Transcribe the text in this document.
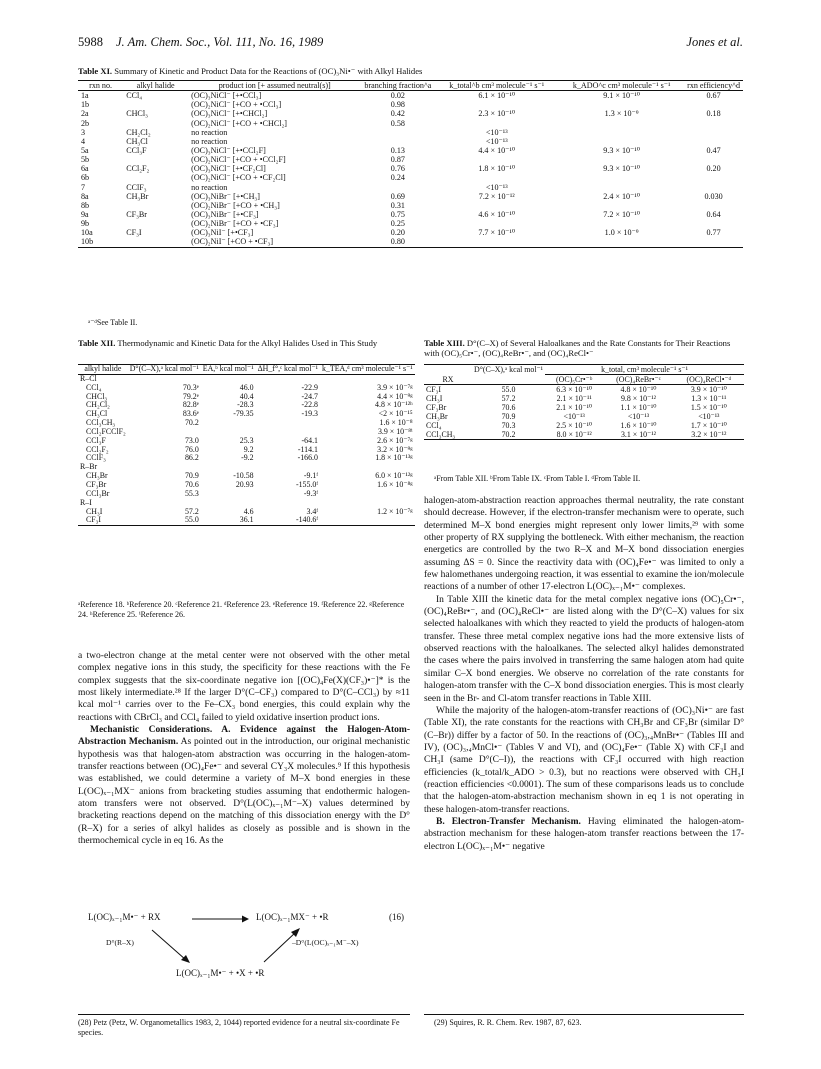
5988 J. Am. Chem. Soc., Vol. 111, No. 16, 1989	Jones et al.
Table XI. Summary of Kinetic and Product Data for the Reactions of (OC)₃Ni•⁻ with Alkyl Halides
rxn no.	alkyl halide	product ion [+ assumed neutral(s)]	branching fraction^a	k_total^b cm³ molecule⁻¹ s⁻¹	k_ADO^c cm³ molecule⁻¹ s⁻¹	rxn efficiency^d
1a	CCl₄	(OC)₃NiCl⁻ [+•CCl₃]	0.02	6.1 × 10⁻¹⁰	9.1 × 10⁻¹⁰	0.67
1b		(OC)₂NiCl⁻ [+CO + •CCl₃]	0.98			
2a	CHCl₃	(OC)₃NiCl⁻ [+•CHCl₂]	0.42	2.3 × 10⁻¹⁰	1.3 × 10⁻⁹	0.18
2b		(OC)₂NiCl⁻ [+CO + •CHCl₂]	0.58			
3	CH₂Cl₂	no reaction		<10⁻¹³		
4	CH₃Cl	no reaction		<10⁻¹³		
5a	CCl₃F	(OC)₃NiCl⁻ [+•CCl₂F]	0.13	4.4 × 10⁻¹⁰	9.3 × 10⁻¹⁰	0.47
5b		(OC)₂NiCl⁻ [+CO + •CCl₂F]	0.87			
6a	CCl₂F₂	(OC)₃NiCl⁻ [+•CF₂Cl]	0.76	1.8 × 10⁻¹⁰	9.3 × 10⁻¹⁰	0.20
6b		(OC)₂NiCl⁻ [+CO + •CF₂Cl]	0.24			
7	CClF₃	no reaction		<10⁻¹³		
8a	CH₃Br	(OC)₃NiBr⁻ [+•CH₃]	0.69	7.2 × 10⁻¹²	2.4 × 10⁻¹⁰	0.030
8b		(OC)₂NiBr⁻ [+CO + •CH₃]	0.31			
9a	CF₃Br	(OC)₃NiBr⁻ [+•CF₃]	0.75	4.6 × 10⁻¹⁰	7.2 × 10⁻¹⁰	0.64
9b		(OC)₂NiBr⁻ [+CO + •CF₃]	0.25			
10a	CF₃I	(OC)₃NiI⁻ [+•CF₃]	0.20	7.7 × 10⁻¹⁰	1.0 × 10⁻⁹	0.77
10b		(OC)₂NiI⁻ [+CO + •CF₃]	0.80			
ᵃ⁻ᵈSee Table II.
Table XII. Thermodynamic and Kinetic Data for the Alkyl Halides Used in This Study
alkyl halide	D°(C–X),ᵃ kcal mol⁻¹	EA,ᵇ kcal mol⁻¹	ΔH_f°,ᶜ kcal mol⁻¹	k_TEA,ᵈ cm³ molecule⁻¹ s⁻¹
R–Cl				
CCl₄	70.3ᵉ	46.0	-22.9	3.9 × 10⁻⁷ᵍ
CHCl₃	79.2ᵉ	40.4	-24.7	4.4 × 10⁻⁹ᵍ
CH₂Cl₂	82.8ᵉ	-28.3	-22.8	4.8 × 10⁻¹²ʰ
CH₃Cl	83.6ᵉ	-79.35	-19.3	<2 × 10⁻¹⁵
CCl₃CH₃	70.2			1.6 × 10⁻⁸
CCl₂FCClF₂				3.9 × 10⁻⁸ⁱ
CCl₃F	73.0	25.3	-64.1	2.6 × 10⁻⁷ᵍ
CCl₂F₂	76.0	9.2	-114.1	3.2 × 10⁻⁹ᵍ
CClF₃	86.2	-9.2	-166.0	1.8 × 10⁻¹³ᵍ
R–Br				
CH₃Br	70.9	-10.58	-9.1ᶠ	6.0 × 10⁻¹²ᵍ
CF₃Br	70.6	20.93	-155.0ᶠ	1.6 × 10⁻⁸ᵍ
CCl₃Br	55.3		-9.3ᶠ	
R–I				
CH₃I	57.2	4.6	3.4ᶠ	1.2 × 10⁻⁷ᵍ
CF₃I	55.0	36.1	-140.6ᶠ	
ᵃReference 18. ᵇReference 20. ᶜReference 21. ᵈReference 23. ᵉReference 19. ᶠReference 22. ᵍReference 24. ʰReference 25. ⁱReference 26.
Table XIII. D°(C–X) of Several Haloalkanes and the Rate Constants for Their Reactions with (OC)₅Cr•⁻, (OC)₄ReBr•⁻, and (OC)₄ReCl•⁻
RX	D°(C–X),ᵃ kcal mol⁻¹	k_total, cm³ molecule⁻¹ s⁻¹		
		(OC)₅Cr•⁻ᵇ	(OC)₄ReBr•⁻ᶜ	(OC)₄ReCl•⁻ᵈ
CF₃I	55.0	6.3 × 10⁻¹⁰	4.8 × 10⁻¹⁰	3.9 × 10⁻¹⁰
CH₃I	57.2	2.1 × 10⁻¹¹	9.8 × 10⁻¹²	1.3 × 10⁻¹¹
CF₃Br	70.6	2.1 × 10⁻¹⁰	1.1 × 10⁻¹⁰	1.5 × 10⁻¹⁰
CH₃Br	70.9	<10⁻¹³	<10⁻¹³	<10⁻¹³
CCl₄	70.3	2.5 × 10⁻¹⁰	1.6 × 10⁻¹⁰	1.7 × 10⁻¹⁰
CCl₃CH₃	70.2	8.0 × 10⁻¹²	3.1 × 10⁻¹²	3.2 × 10⁻¹²
ᵃFrom Table XII. ᵇFrom Table IX. ᶜFrom Table I. ᵈFrom Table II.

a two-electron change at the metal center were not observed with the other metal complex negative ions in this study, the specificity for these reactions with the Fe complex suggests that the six-coordinate negative ion [(OC)₄Fe(X)(CF₃)•⁻]* is the most likely intermediate.²⁸ If the larger D°(C–CF₃) compared to D°(C–CCl₃) by ≈11 kcal mol⁻¹ carries over to the Fe–CX₃ bond energies, this could explain why the reactions with CBrCl₃ and CCl₄ failed to yield oxidative insertion product ions.

Mechanistic Considerations. A. Evidence against the Halogen-Atom-Abstraction Mechanism. As pointed out in the introduction, our original mechanistic hypothesis was that halogen-atom abstraction was occurring in the halogen-atom-transfer reactions between (OC)₄Fe•⁻ and several CY₃X molecules.⁹ If this hypothesis was established, we could determine a variety of M–X bond energies in these L(OC)ₓ₋₁MX⁻ anions from bracketing studies assuming that endothermic halogen-atom transfers were not observed. D°(L(OC)ₓ₋₁M⁻–X) values determined by bracketing reactions depend on the matching of this dissociation energy with the D°(R–X) for a series of alkyl halides as closely as possible and is shown in the thermochemical cycle in eq 16. As the

L(OC)ₓ₋₁M•⁻ + RX	L(OC)ₓ₋₁MX⁻ + •R	(16)
D°(R–X)	–D°(L(OC)ₓ₋₁M⁻–X)
L(OC)ₓ₋₁M•⁻ + •X + •R

halogen-atom-abstraction reaction approaches thermal neutrality, the rate constant should decrease. However, if the electron-transfer mechanism were to operate, such determined M–X bond energies might represent only lower limits,²⁹ with some other property of RX supplying the bottleneck. With either mechanism, the reaction energetics are controlled by the two R–X and M–X bond dissociation energies assuming ΔS = 0. Since the reactivity data with (OC)₄Fe•⁻ was limited to only a few halomethanes undergoing reaction, it was essential to examine the ion/molecule reactions of a number of other 17-electron L(OC)ₓ₋₁M•⁻ complexes.

In Table XIII the kinetic data for the metal complex negative ions (OC)₅Cr•⁻, (OC)₄ReBr•⁻, and (OC)₄ReCl•⁻ are listed along with the D°(C–X) values for six selected haloalkanes with which they reacted to yield the products of halogen-atom transfer. These three metal complex negative ions had the more extensive lists of observed reactions with the haloalkanes. The selected alkyl halides demonstrated the cases where the pairs involved in transferring the same halogen atom had quite similar C–X bond energies. We observe no correlation of the rate constants for halogen-atom transfer with the C–X bond dissociation energies. This is most clearly seen in the Br- and Cl-atom transfer reactions in Table XIII.

While the majority of the halogen-atom-transfer reactions of (OC)₃Ni•⁻ are fast (Table XI), the rate constants for the reactions with CH₃Br and CF₃Br (similar D°(C–Br)) differ by a factor of 50. In the reactions of (OC)₃,₄MnBr•⁻ (Tables III and IV), (OC)₃,₄MnCl•⁻ (Tables V and VI), and (OC)₄Fe•⁻ (Table X) with CF₃I and CH₃I (same D°(C–I)), the reactions with CF₃I occurred with high reaction efficiencies (k_total/k_ADO > 0.3), but no reactions were observed with CH₃I (reaction efficiencies <0.0001). The sum of these comparisons leads us to conclude that the halogen-atom-abstraction mechanism shown in eq 1 is not operating in these halogen-atom-transfer reactions.

B. Electron-Transfer Mechanism. Having eliminated the halogen-atom-abstraction mechanism for these halogen-atom transfer reactions between the 17-electron L(OC)ₓ₋₁M•⁻ negative

(28) Petz (Petz, W. Organometallics 1983, 2, 1044) reported evidence for a neutral six-coordinate Fe species.
(29) Squires, R. R. Chem. Rev. 1987, 87, 623.
